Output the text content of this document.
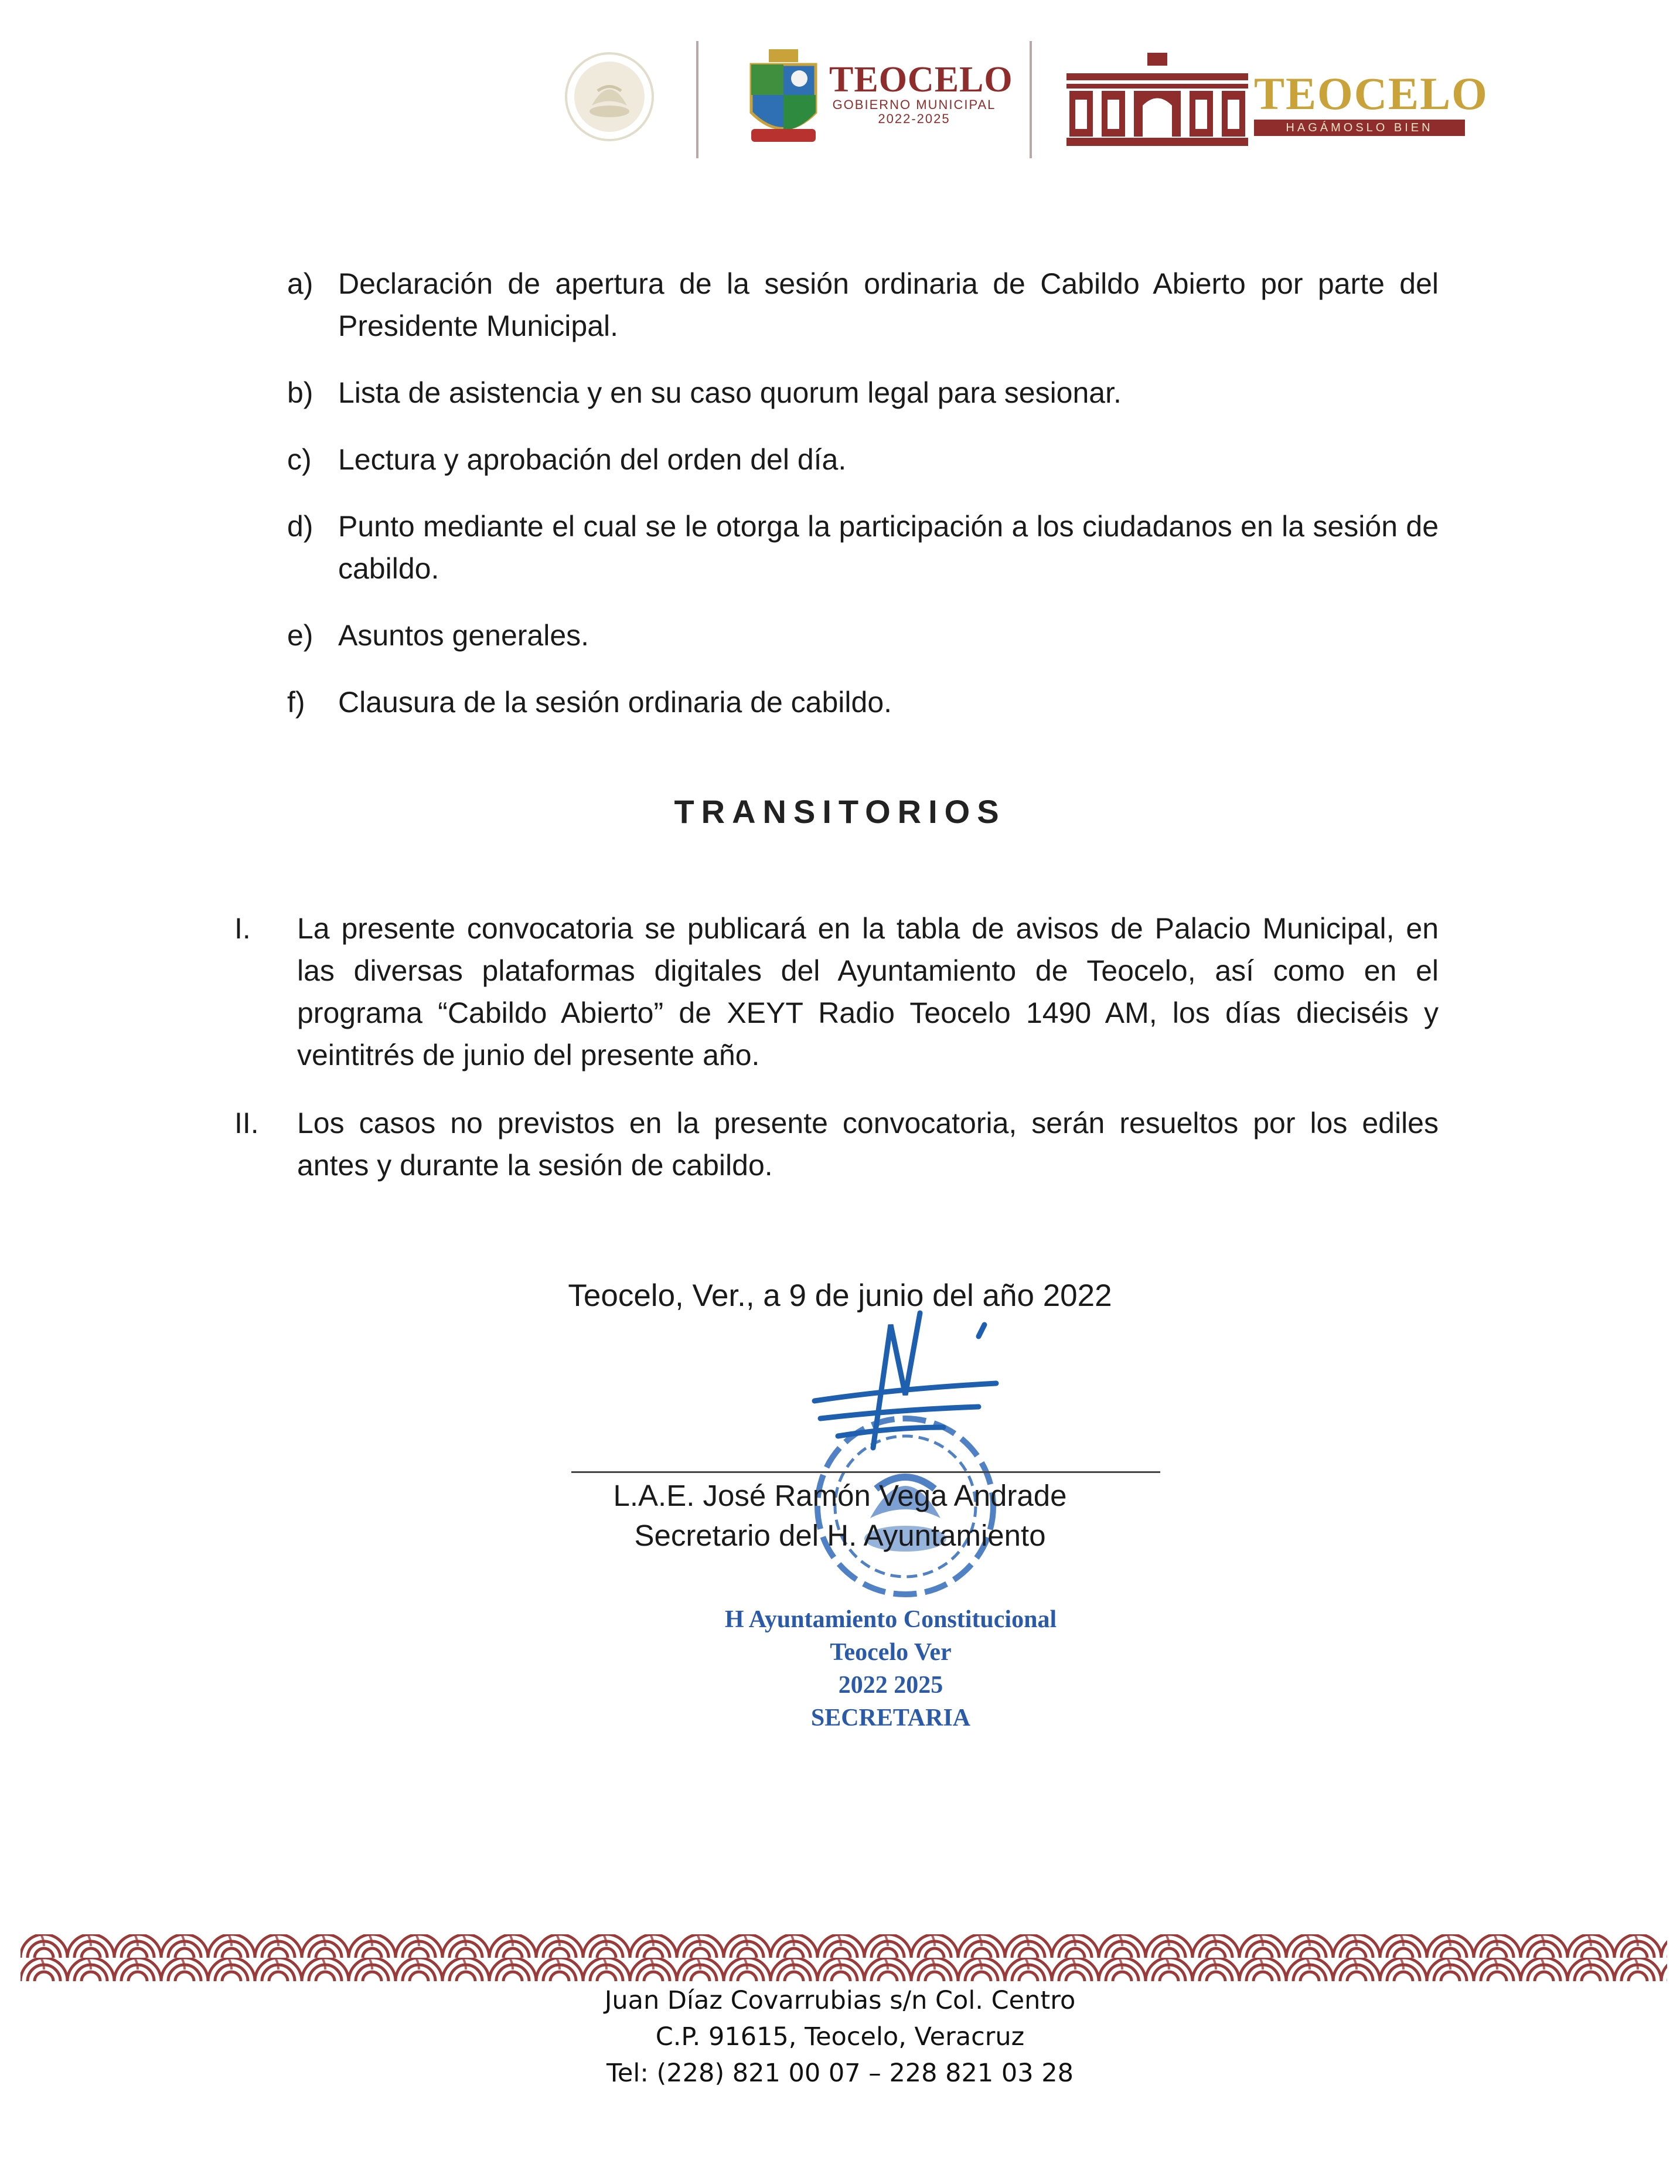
TEOCELO
GOBIERNO MUNICIPAL
2022-2025	TEOCELO
HAGÁMOSLO BIEN
a) Declaración de apertura de la sesión ordinaria de Cabildo Abierto por parte del Presidente Municipal.
b) Lista de asistencia y en su caso quorum legal para sesionar.
c) Lectura y aprobación del orden del día.
d) Punto mediante el cual se le otorga la participación a los ciudadanos en la sesión de cabildo.
e) Asuntos generales.
f)	Clausura de la sesión ordinaria de cabildo.
TRANSITORIOS
I.	La presente convocatoria se publicará en la tabla de avisos de Palacio Municipal, en las diversas plataformas digitales del Ayuntamiento de Teocelo, así como en el programa “Cabildo Abierto” de XEYT Radio Teocelo 1490 AM, los días dieciséis y veintitrés de junio del presente año.
II.	Los casos no previstos en la presente convocatoria, serán resueltos por los ediles antes y durante la sesión de cabildo.
Teocelo, Ver., a 9 de junio del año 2022
L.A.E. José Ramón Vega Andrade
Secretario del H. Ayuntamiento
H Ayuntamiento Constitucional
Teocelo Ver
2022 2025
SECRETARIA
Juan Díaz Covarrubias s/n Col. Centro
C.P. 91615, Teocelo, Veracruz
Tel: (228) 821 00 07 – 228 821 03 28
